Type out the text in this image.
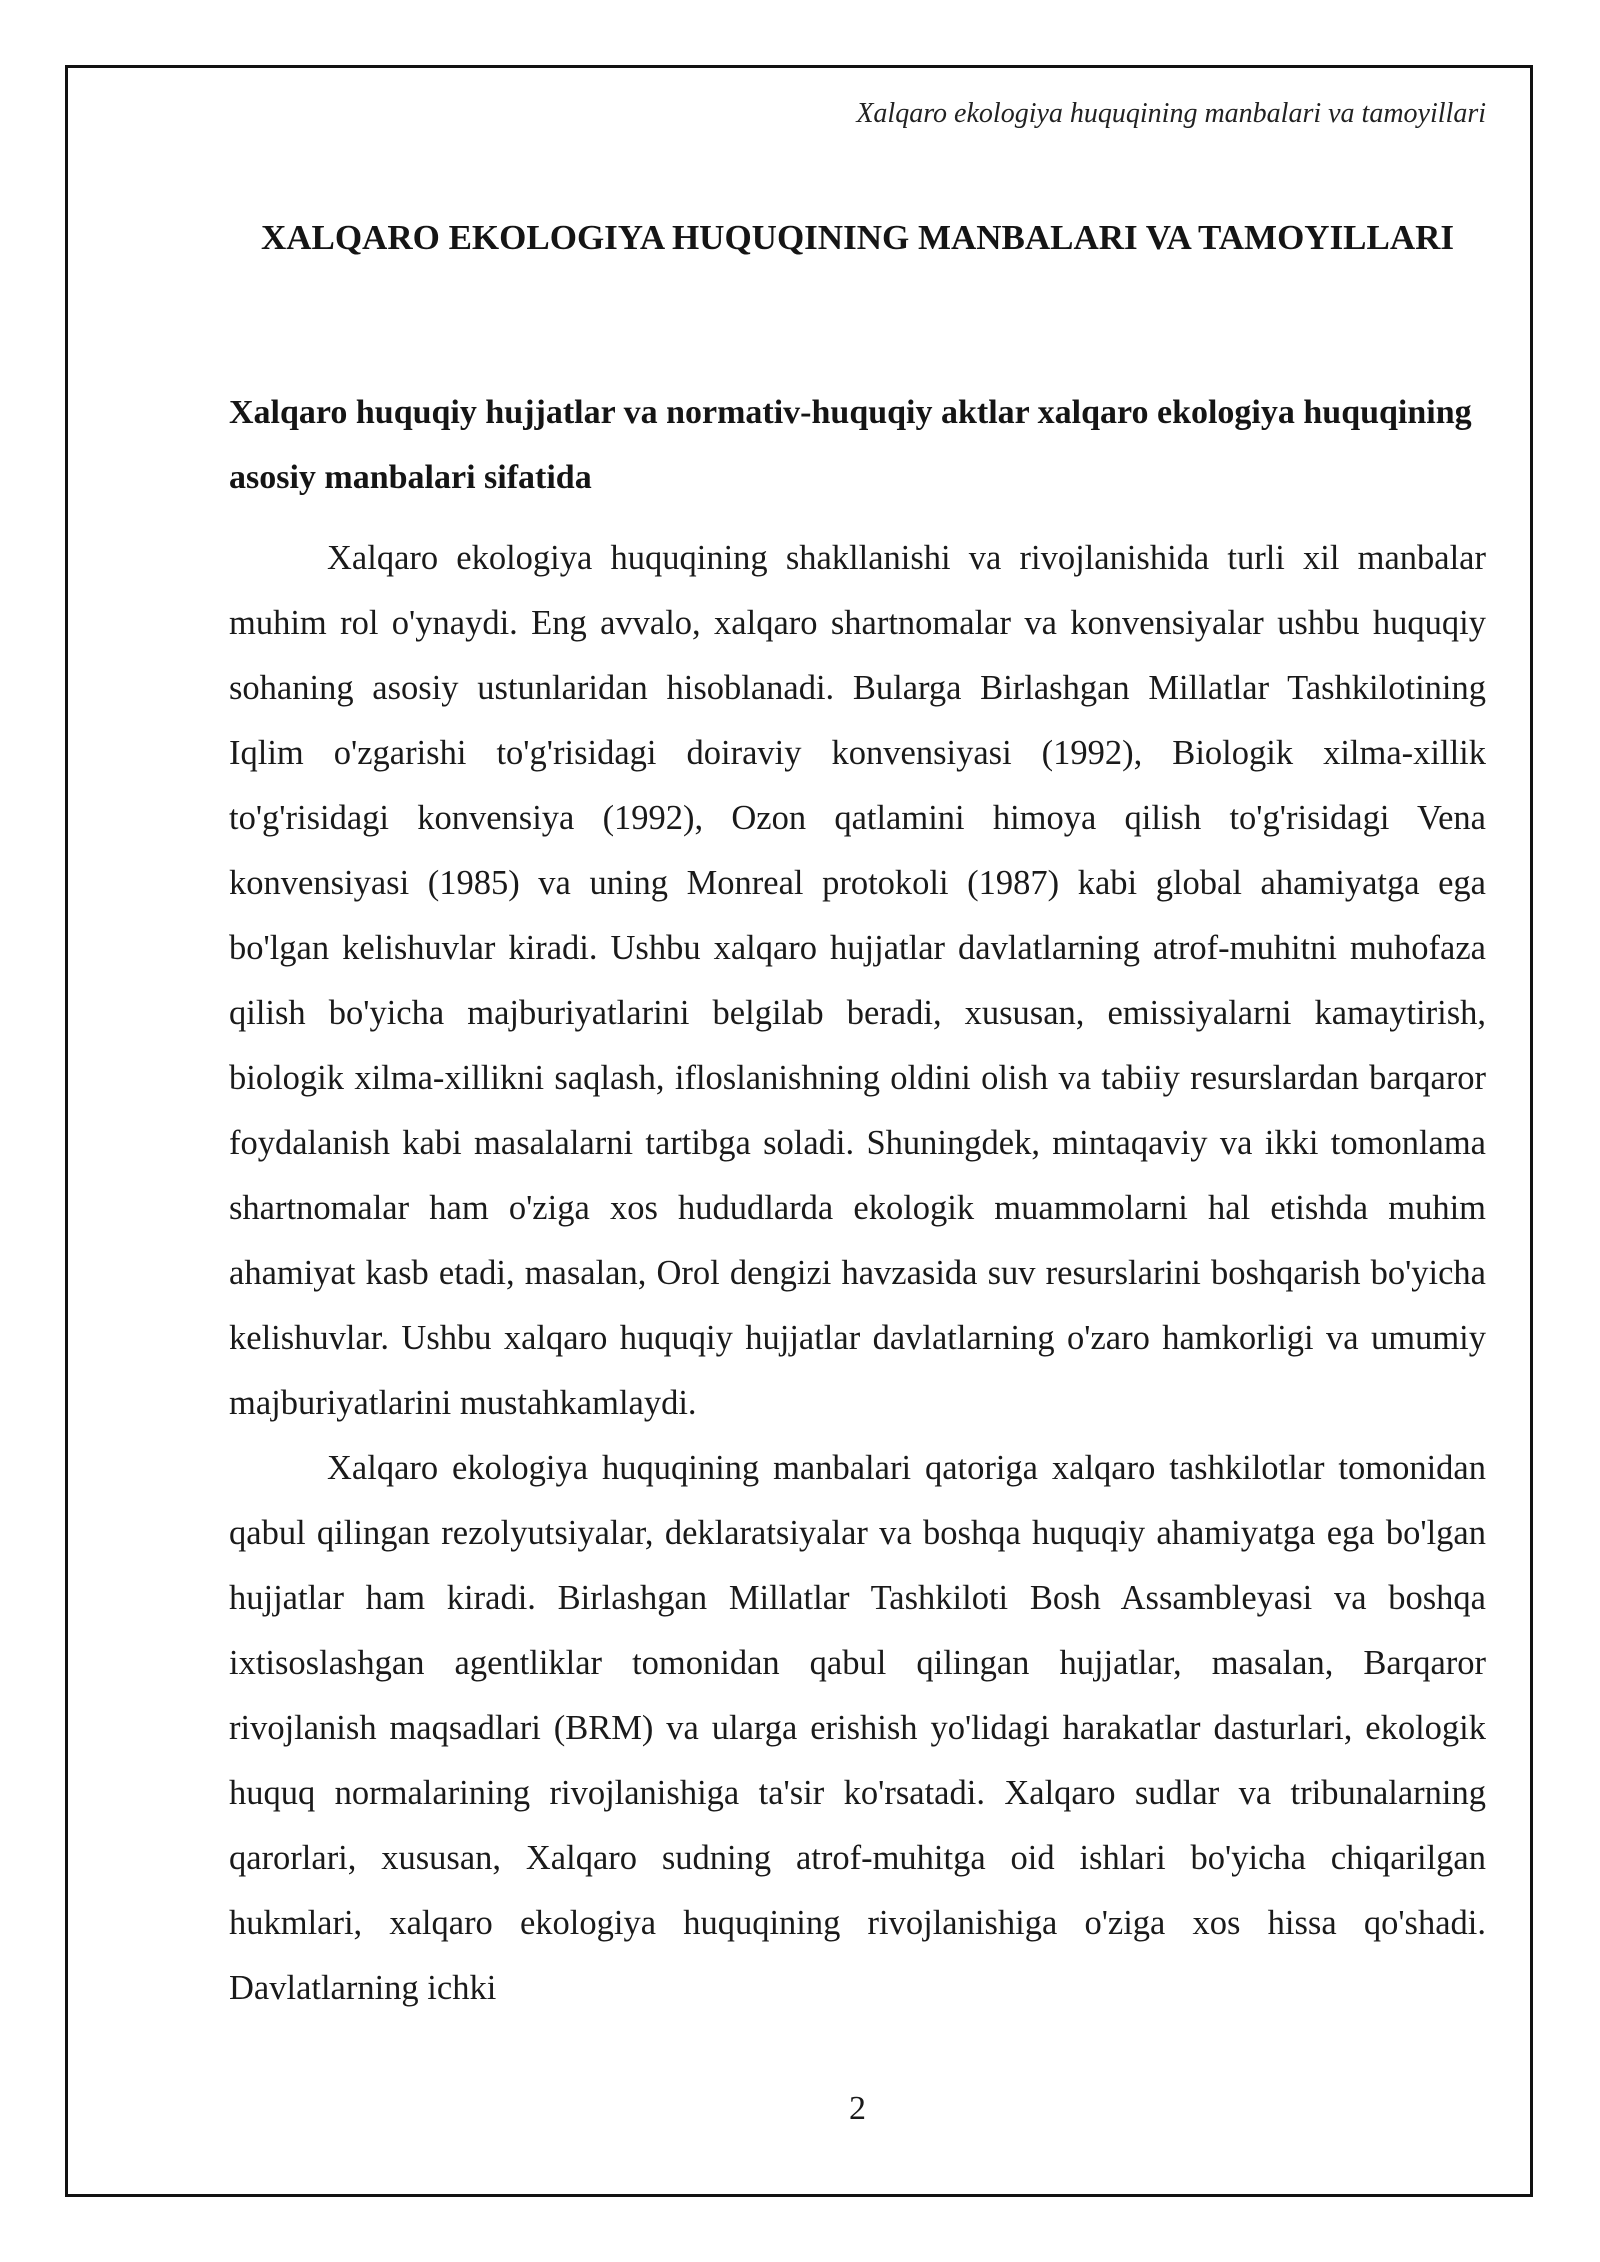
Xalqaro ekologiya huquqining manbalari va tamoyillari
XALQARO EKOLOGIYA HUQUQINING MANBALARI VA TAMOYILLARI
Xalqaro huquqiy hujjatlar va normativ-huquqiy aktlar xalqaro ekologiya huquqining asosiy manbalari sifatida

Xalqaro ekologiya huquqining shakllanishi va rivojlanishida turli xil manbalar muhim rol o'ynaydi. Eng avvalo, xalqaro shartnomalar va konvensiyalar ushbu huquqiy sohaning asosiy ustunlaridan hisoblanadi. Bularga Birlashgan Millatlar Tashkilotining Iqlim o'zgarishi to'g'risidagi doiraviy konvensiyasi (1992), Biologik xilma-xillik to'g'risidagi konvensiya (1992), Ozon qatlamini himoya qilish to'g'risidagi Vena konvensiyasi (1985) va uning Monreal protokoli (1987) kabi global ahamiyatga ega bo'lgan kelishuvlar kiradi. Ushbu xalqaro hujjatlar davlatlarning atrof-muhitni muhofaza qilish bo'yicha majburiyatlarini belgilab beradi, xususan, emissiyalarni kamaytirish, biologik xilma-xillikni saqlash, ifloslanishning oldini olish va tabiiy resurslardan barqaror foydalanish kabi masalalarni tartibga soladi. Shuningdek, mintaqaviy va ikki tomonlama shartnomalar ham o'ziga xos hududlarda ekologik muammolarni hal etishda muhim ahamiyat kasb etadi, masalan, Orol dengizi havzasida suv resurslarini boshqarish bo'yicha kelishuvlar. Ushbu xalqaro huquqiy hujjatlar davlatlarning o'zaro hamkorligi va umumiy majburiyatlarini mustahkamlaydi.

Xalqaro ekologiya huquqining manbalari qatoriga xalqaro tashkilotlar tomonidan qabul qilingan rezolyutsiyalar, deklaratsiyalar va boshqa huquqiy ahamiyatga ega bo'lgan hujjatlar ham kiradi. Birlashgan Millatlar Tashkiloti Bosh Assambleyasi va boshqa ixtisoslashgan agentliklar tomonidan qabul qilingan hujjatlar, masalan, Barqaror rivojlanish maqsadlari (BRM) va ularga erishish yo'lidagi harakatlar dasturlari, ekologik huquq normalarining rivojlanishiga ta'sir ko'rsatadi. Xalqaro sudlar va tribunalarning qarorlari, xususan, Xalqaro sudning atrof-muhitga oid ishlari bo'yicha chiqarilgan hukmlari, xalqaro ekologiya huquqining rivojlanishiga o'ziga xos hissa qo'shadi. Davlatlarning ichki

2
